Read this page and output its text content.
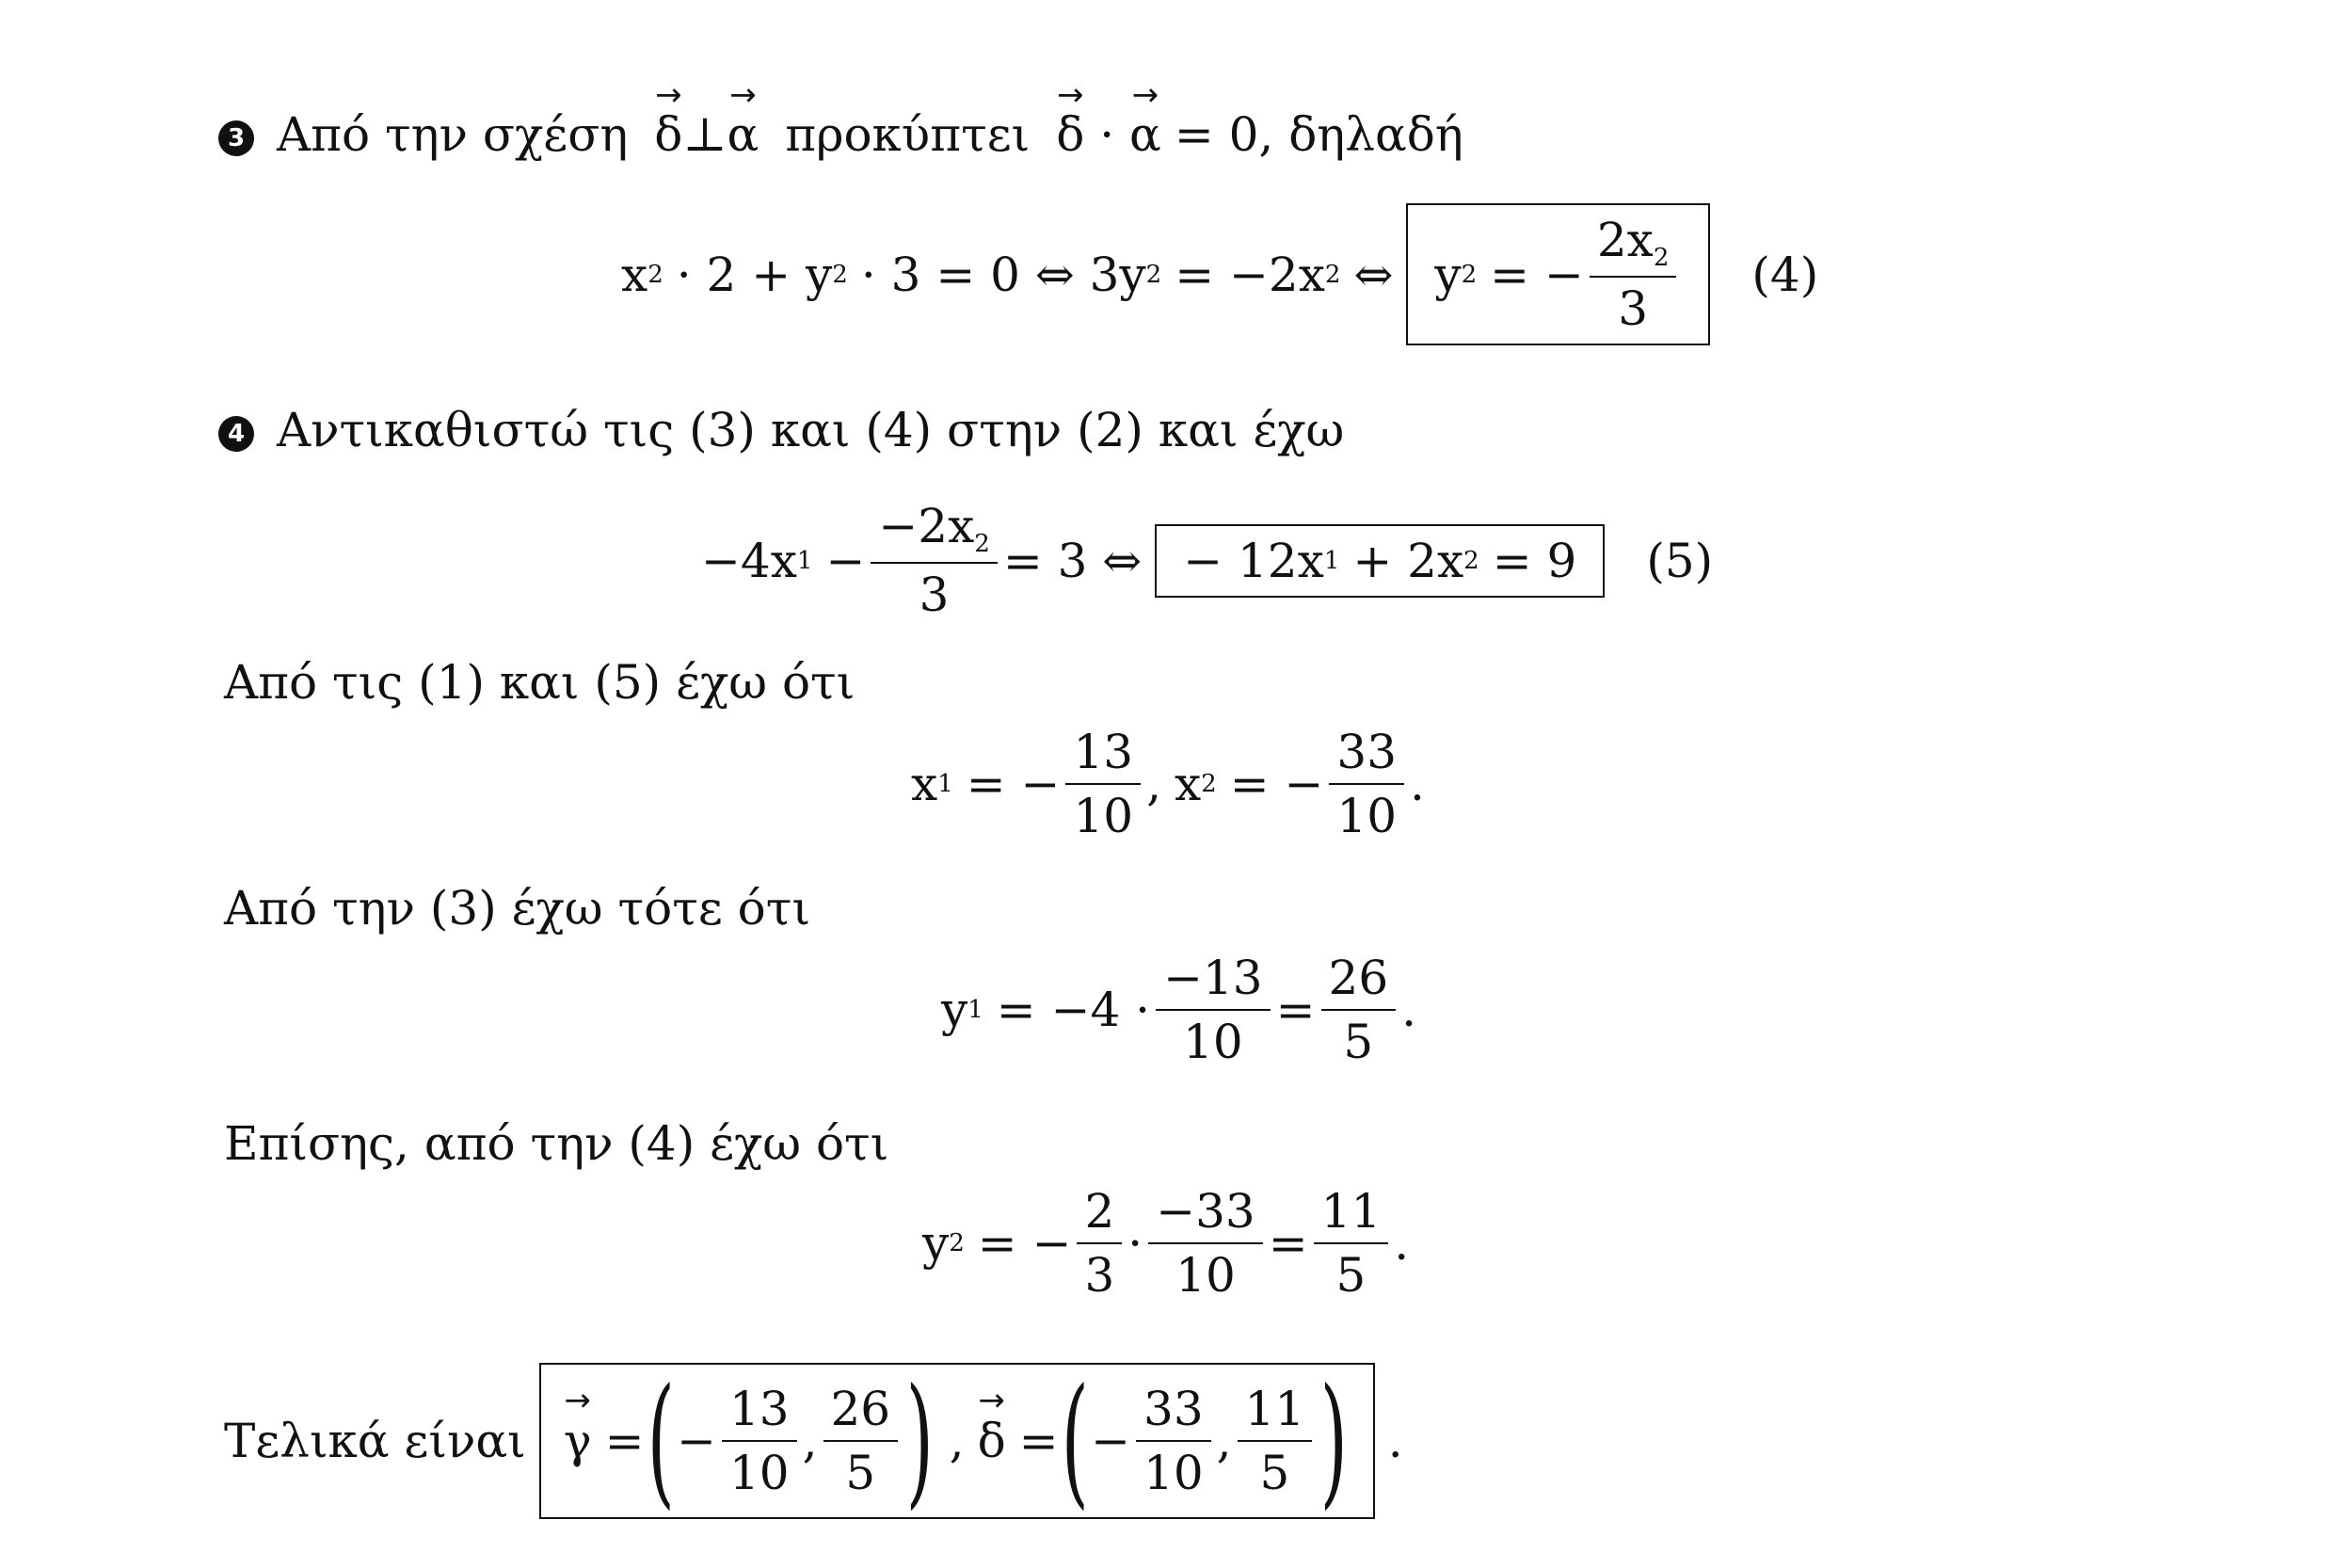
3 Από την σχέση → δ⊥→ α προκύπτει → δ · → α = 0, δηλαδή
x 2 · 2 + y 2 · 3 = 0 ⇔ 3y 2 = −2x 2 ⇔ y 2 = − $\frac{2x_2}{3} (4)$
4 Αντικαθιστώ τις (3) και (4) στην (2) και έχω
−4x $1 - \frac{-2x_2}{3} = 3$ ⇔ − 12x 1 + 2x 2 = 9 (5)
Από τις (1) και (5) έχω ότι
x 1 = − $\frac{13}{10}$ , x 2 = − $\frac{33}{10}$ .
Από την (3) έχω τότε ότι
y $1 = -4 \cdot \frac{-13}{10} = \frac{26}{5}$ .
Επίσης, από την (4) έχω ότι
y 2 = − $\frac{2}{3} \cdot \frac{-33}{10} = \frac{11}{5}$ .
Τελικά είναι → γ = ( − $\frac{13}{10}$ , $\frac{26}{5}$ ) , → δ = ( − $\frac{33}{10}$ , $\frac{11}{5}$ ) .
